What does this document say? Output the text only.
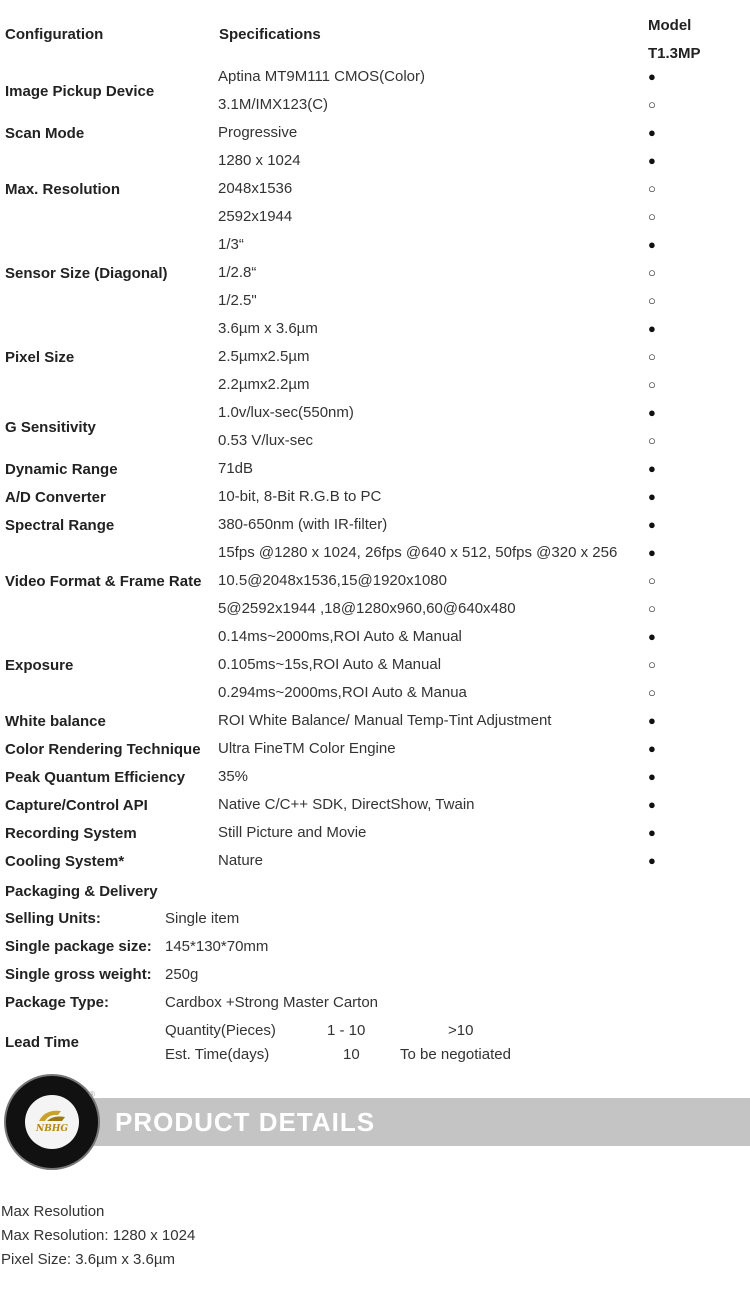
Configuration	Specifications
Model
T1.3MP
Image Pickup Device
Aptina MT9M111 CMOS(Color)	●
3.1M/IMX123(C)	○
Scan Mode	Progressive	●
Max. Resolution
1280 x 1024	●
2048x1536	○
2592x1944	○
Sensor Size (Diagonal)
1/3“	●
1/2.8“	○
1/2.5"	○
Pixel Size
3.6µm x 3.6µm	●
2.5µmx2.5µm	○
2.2µmx2.2µm	○
G Sensitivity
1.0v/lux-sec(550nm)	●
0.53 V/lux-sec	○
Dynamic Range	71dB	●
A/D Converter	10-bit, 8-Bit R.G.B to PC	●
Spectral Range	380-650nm (with IR-filter)	●
Video Format & Frame Rate
15fps @1280 x 1024, 26fps @640 x 512, 50fps @320 x 256 ●
10.5@2048x1536,15@1920x1080	○
5@2592x1944 ,18@1280x960,60@640x480	○
Exposure
0.14ms~2000ms,ROI Auto & Manual	●
0.105ms~15s,ROI Auto & Manual	○
0.294ms~2000ms,ROI Auto & Manua	○
White balance	ROI White Balance/ Manual Temp-Tint Adjustment	●
Color Rendering Technique Ultra FineTM Color Engine	●
Peak Quantum Efficiency 35%	●
Capture/Control API	Native C/C++ SDK, DirectShow, Twain	●
Recording System	Still Picture and Movie	●
Cooling System*	Nature	●
Packaging & Delivery
Selling Units:	Single item
Single package size: 145*130*70mm
Single gross weight: 250g
Package Type:	Cardbox +Strong Master Carton
Lead Time
Quantity(Pieces)	1 - 10	>10
Est. Time(days)	10	To be negotiated
PRODUCT DETAILS
NBHG
®
Max Resolution
Max Resolution: 1280 x 1024
Pixel Size: 3.6µm x 3.6µm
